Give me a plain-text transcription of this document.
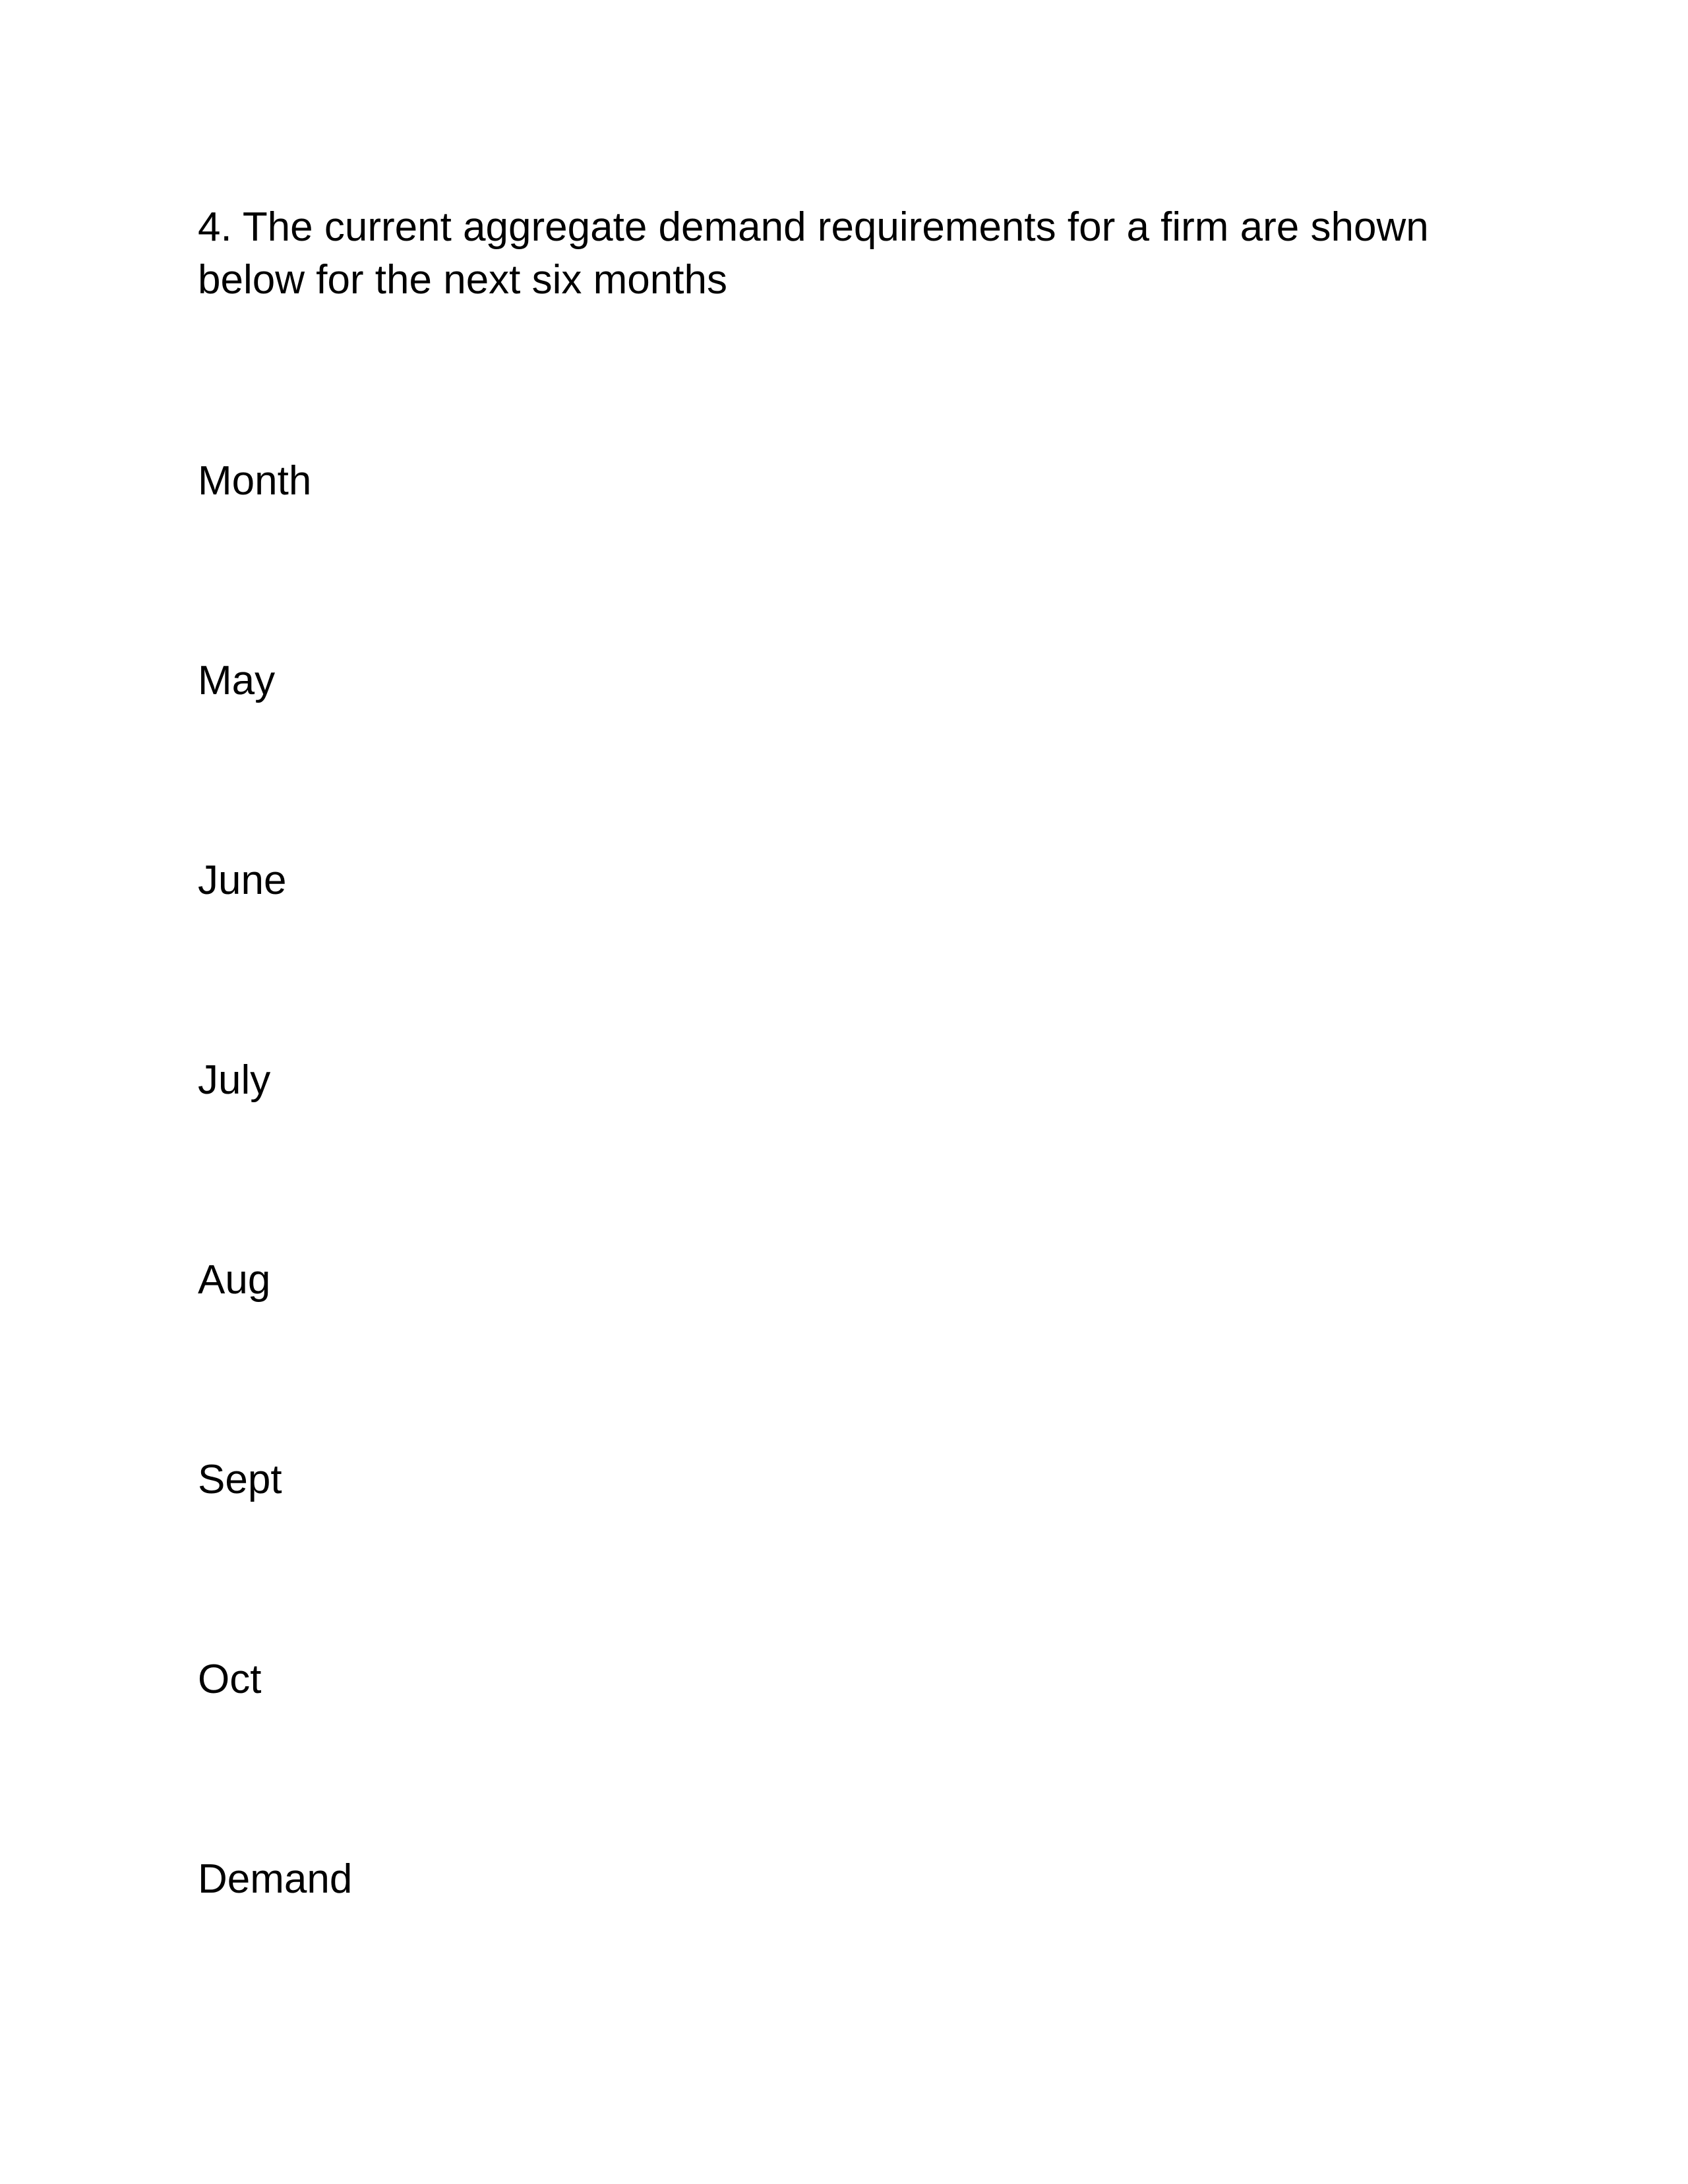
4. The current aggregate demand requirements for a firm are shown below for the next six months

Month

May

June

July

Aug

Sept

Oct

Demand
